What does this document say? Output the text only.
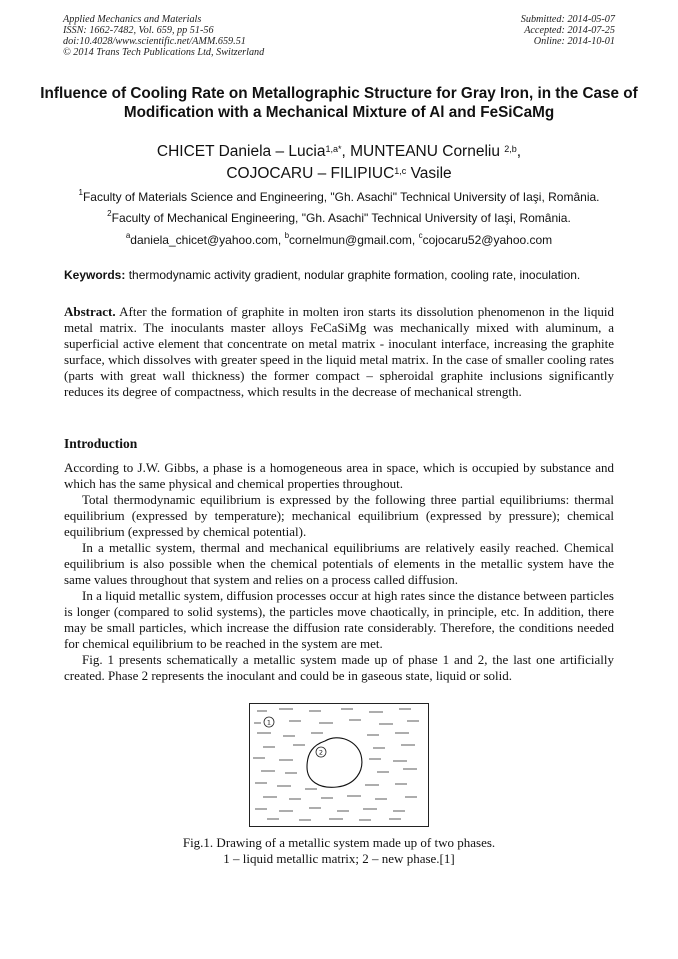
Applied Mechanics and Materials
ISSN: 1662-7482, Vol. 659, pp 51-56
doi:10.4028/www.scientific.net/AMM.659.51
© 2014 Trans Tech Publications Ltd, Switzerland
Submitted: 2014-05-07
Accepted: 2014-07-25
Online: 2014-10-01
Influence of Cooling Rate on Metallographic Structure for Gray Iron, in the Case of Modification with a Mechanical Mixture of Al and FeSiCaMg
CHICET Daniela – Lucia$^{1,a*}$, MUNTEANU Corneliu $^{2,b}$,
COJOCARU – FILIPIUC$^{1,c}$ Vasile
$^1$Faculty of Materials Science and Engineering, "Gh. Asachi" Technical University of Iaşi, România.
$^2$Faculty of Mechanical Engineering, "Gh. Asachi" Technical University of Iaşi, România.
$^a$daniela_chicet@yahoo.com, $^b$cornelmun@gmail.com, $^c$cojocaru52@yahoo.com
Keywords: thermodynamic activity gradient, nodular graphite formation, cooling rate, inoculation.

Abstract. After the formation of graphite in molten iron starts its dissolution phenomenon in the liquid metal matrix. The inoculants master alloys FeCaSiMg was mechanically mixed with aluminum, a superficial active element that concentrate on metal matrix - inoculant interface, increasing the graphite surface, which dissolves with greater speed in the liquid metal matrix. In the case of smaller cooling rates (parts with great wall thickness) the former compact – spheroidal graphite inclusions significantly reduces its degree of compactness, which results in the decrease of mechanical strength.

Introduction

According to J.W. Gibbs, a phase is a homogeneous area in space, which is occupied by substance and which has the same physical and chemical properties throughout.

Total thermodynamic equilibrium is expressed by the following three partial equilibriums: thermal equilibrium (expressed by temperature); mechanical equilibrium (expressed by pressure); chemical equilibrium (expressed by chemical potential).

In a metallic system, thermal and mechanical equilibriums are relatively easily reached. Chemical equilibrium is also possible when the chemical potentials of elements in the metallic system have the same values throughout that system and relies on a process called diffusion.

In a liquid metallic system, diffusion processes occur at high rates since the distance between particles is longer (compared to solid systems), the particles move chaotically, in principle, etc. In addition, there may be small particles, which increase the diffusion rate considerably. Therefore, the conditions needed for chemical equilibrium to be reached in the system are met.

Fig. 1 presents schematically a metallic system made up of phase 1 and 2, the last one artificially created. Phase 2 represents the inoculant and could be in gaseous state, liquid or solid.

1
2
Fig.1. Drawing of a metallic system made up of two phases.
1 – liquid metallic matrix; 2 – new phase.[1]
